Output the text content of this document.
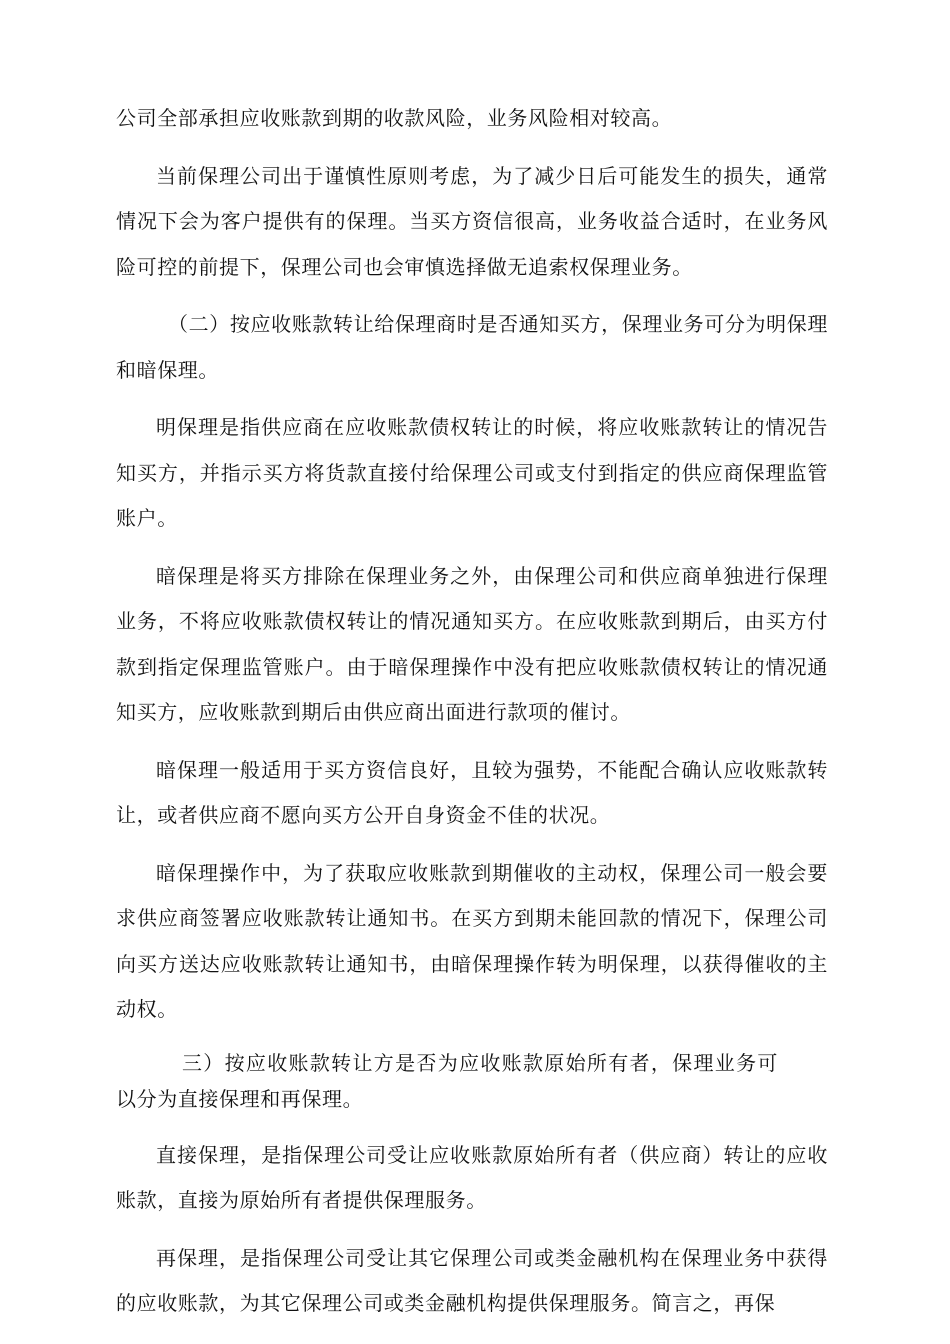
公司全部承担应收账款到期的收款风险，业务风险相对较高。

当前保理公司出于谨慎性原则考虑，为了减少日后可能发生的损失，通常情况下会为客户提供有的保理。当买方资信很高，业务收益合适时，在业务风险可控的前提下，保理公司也会审慎选择做无追索权保理业务。

（二）按应收账款转让给保理商时是否通知买方，保理业务可分为明保理和暗保理。

明保理是指供应商在应收账款债权转让的时候，将应收账款转让的情况告知买方，并指示买方将货款直接付给保理公司或支付到指定的供应商保理监管账户。

暗保理是将买方排除在保理业务之外，由保理公司和供应商单独进行保理业务，不将应收账款债权转让的情况通知买方。在应收账款到期后，由买方付款到指定保理监管账户。由于暗保理操作中没有把应收账款债权转让的情况通知买方，应收账款到期后由供应商出面进行款项的催讨。

暗保理一般适用于买方资信良好，且较为强势，不能配合确认应收账款转让，或者供应商不愿向买方公开自身资金不佳的状况。

暗保理操作中，为了获取应收账款到期催收的主动权，保理公司一般会要求供应商签署应收账款转让通知书。在买方到期未能回款的情况下，保理公司向买方送达应收账款转让通知书，由暗保理操作转为明保理，以获得催收的主动权。

三）按应收账款转让方是否为应收账款原始所有者，保理业务可以分为直接保理和再保理。

直接保理，是指保理公司受让应收账款原始所有者（供应商）转让的应收账款，直接为原始所有者提供保理服务。

再保理，是指保理公司受让其它保理公司或类金融机构在保理业务中获得的应收账款，为其它保理公司或类金融机构提供保理服务。简言之，再保
